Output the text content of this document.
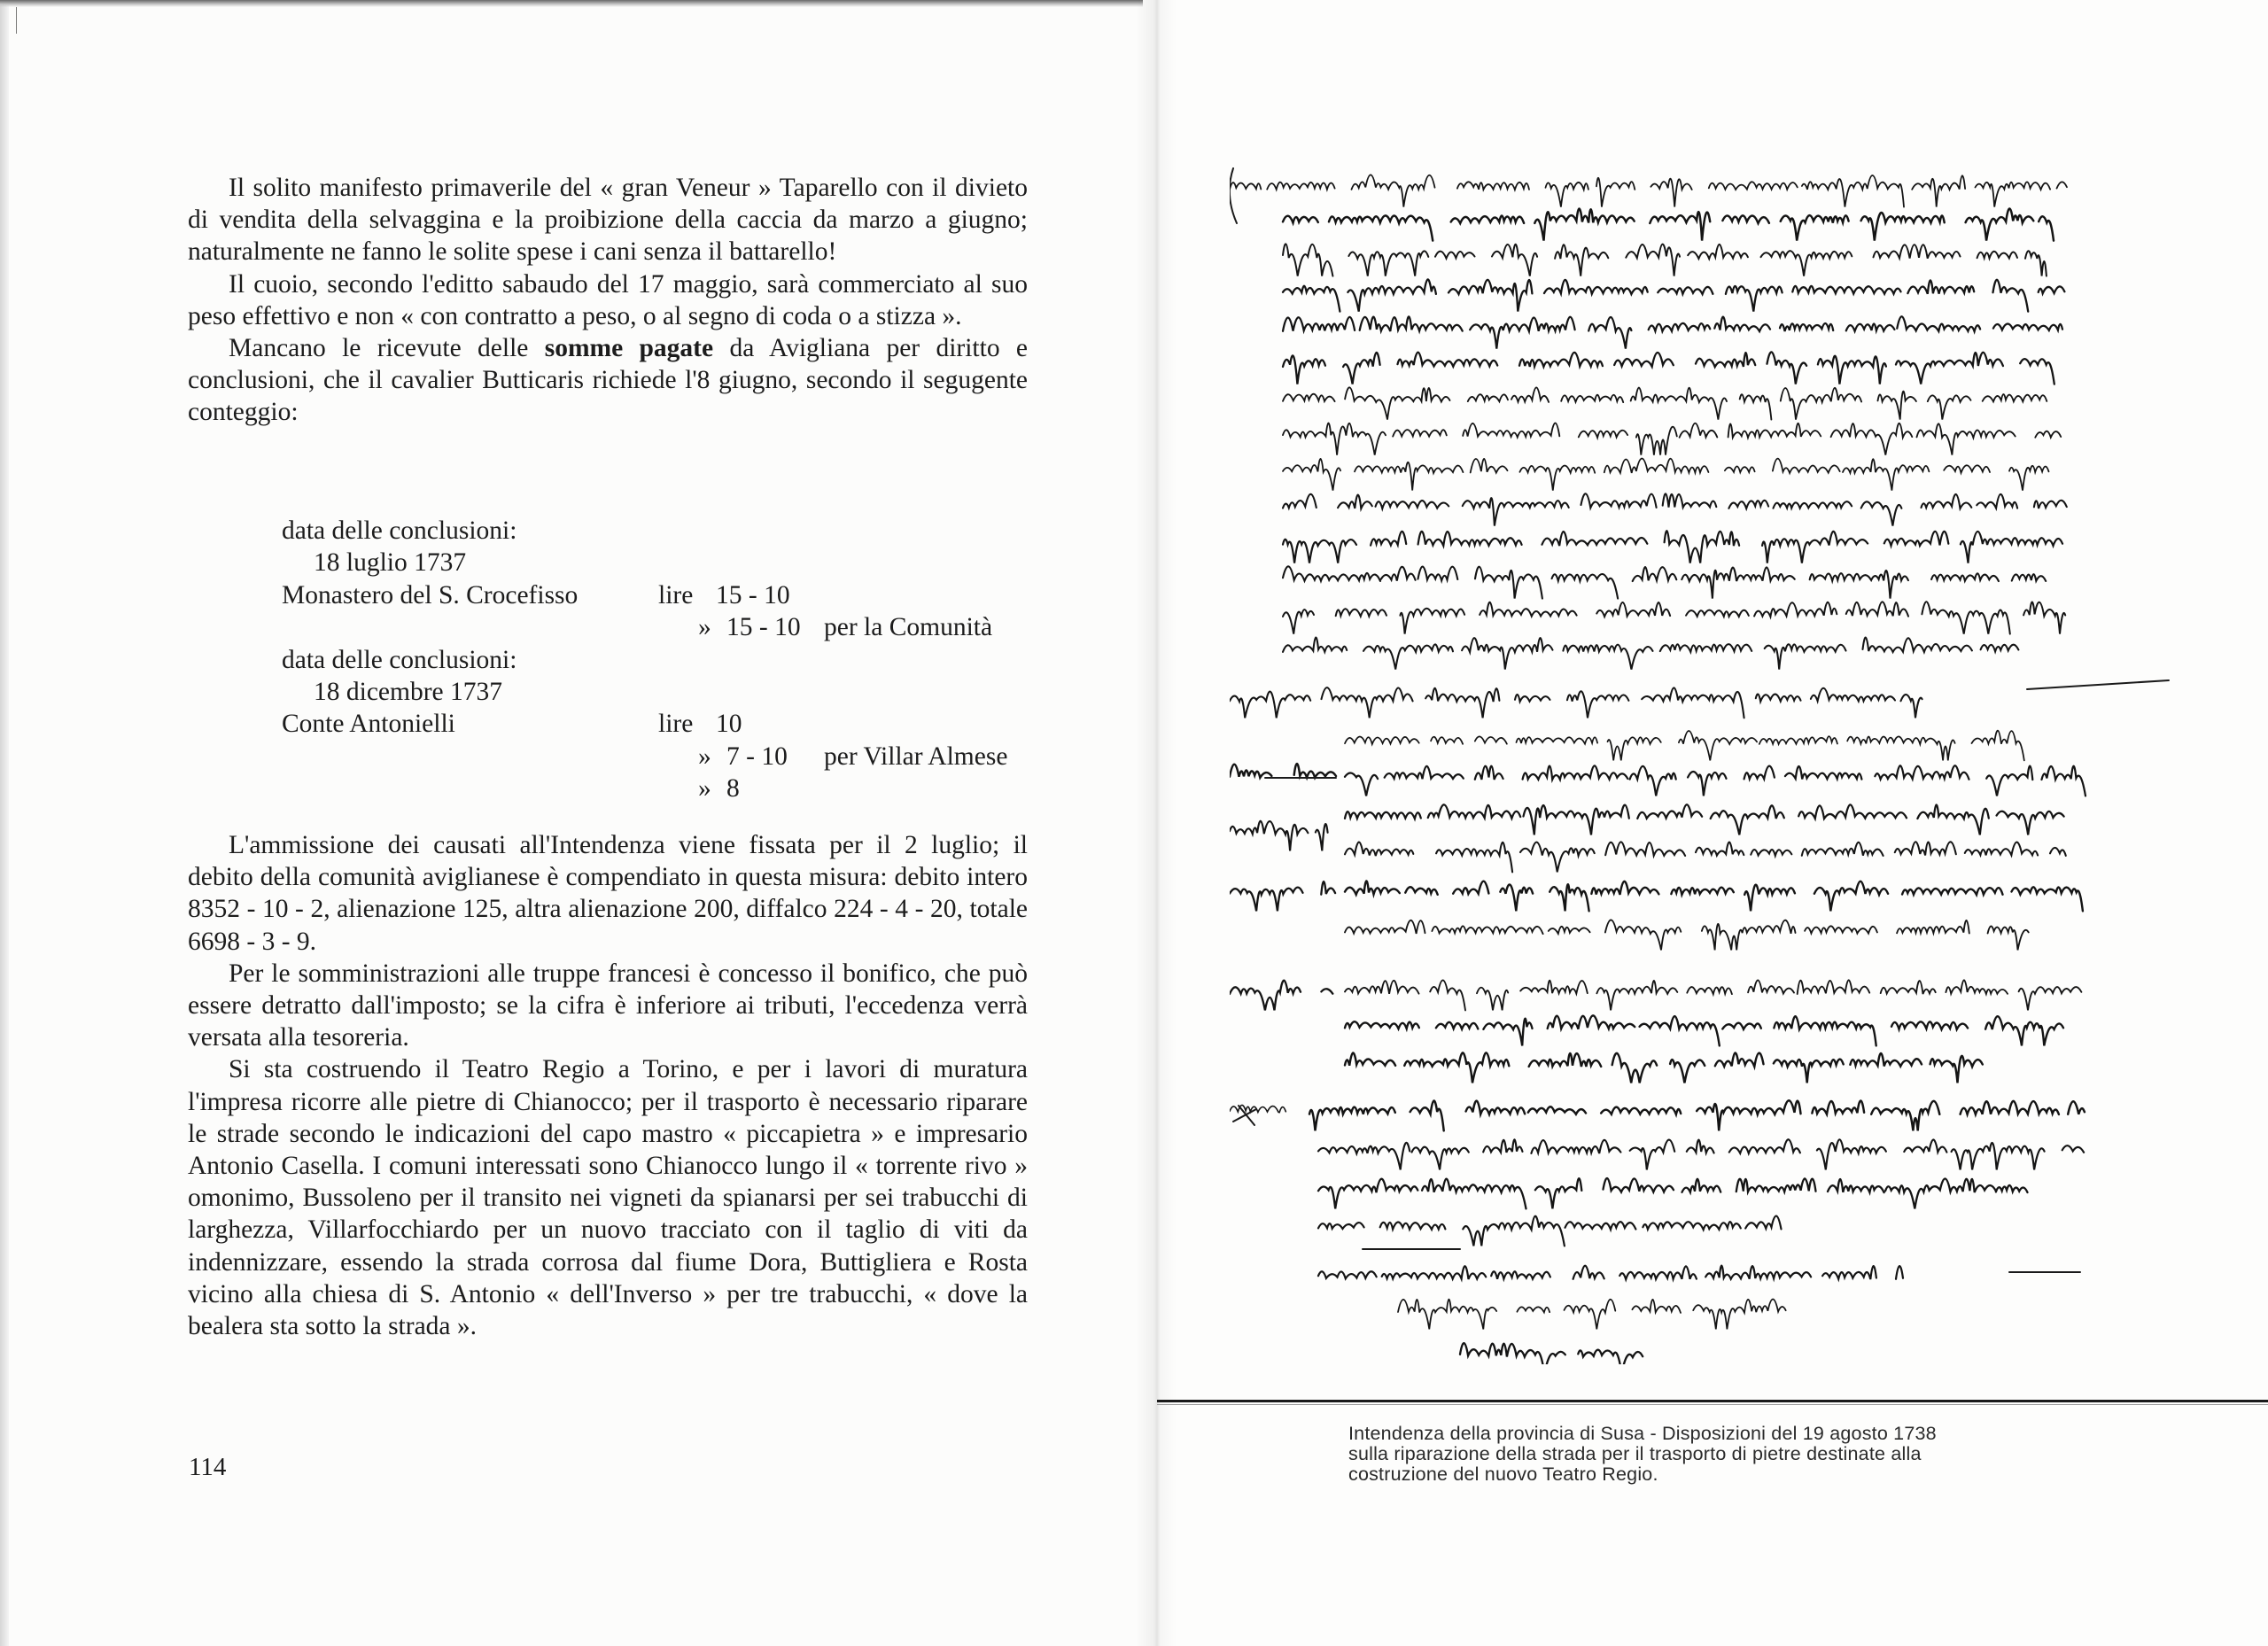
Il solito manifesto primaverile del « gran Veneur » Taparello con il divieto di vendita della selvaggina e la proibizione della caccia da marzo a giugno; naturalmente ne fanno le solite spese i cani senza il battarello!

Il cuoio, secondo l'editto sabaudo del 17 maggio, sarà commerciato al suo peso effettivo e non « con contratto a peso, o al segno di coda o a stizza ».

Mancano le ricevute delle somme pagate da Avigliana per diritto e conclusioni, che il cavalier Butticaris richiede l'8 giugno, secondo il segugente conteggio:

data delle conclusioni:
18 luglio 1737
Monastero del S. Crocefisso	lire 15 - 10
» 15 - 10 per la Comunità
data delle conclusioni:
18 dicembre 1737
Conte Antonielli	lire 10
» 7 - 10 per Villar Almese
» 8

L'ammissione dei causati all'Intendenza viene fissata per il 2 luglio; il debito della comunità aviglianese è compendiato in questa misura: debito intero 8352 - 10 - 2, alienazione 125, altra alienazione 200, diffalco 224 - 4 - 20, totale 6698 - 3 - 9.

Per le somministrazioni alle truppe francesi è concesso il bonifico, che può essere detratto dall'imposto; se la cifra è inferiore ai tributi, l'eccedenza verrà versata alla tesoreria.

Si sta costruendo il Teatro Regio a Torino, e per i lavori di muratura l'impresa ricorre alle pietre di Chianocco; per il trasporto è necessario riparare le strade secondo le indicazioni del capo mastro « piccapietra » e impresario Antonio Casella. I comuni interessati sono Chianocco lungo il « torrente rivo » omonimo, Bussoleno per il transito nei vigneti da spianarsi per sei trabucchi di larghezza, Villarfocchiardo per un nuovo tracciato con il taglio di viti da indennizzare, essendo la strada corrosa dal fiume Dora, Buttigliera e Rosta vicino alla chiesa di S. Antonio « dell'Inverso » per tre trabucchi, « dove la bealera sta sotto la strada ».

114
Intendenza della provincia di Susa - Disposizioni del 19 agosto 1738
sulla riparazione della strada per il trasporto di pietre destinate alla
costruzione del nuovo Teatro Regio.
